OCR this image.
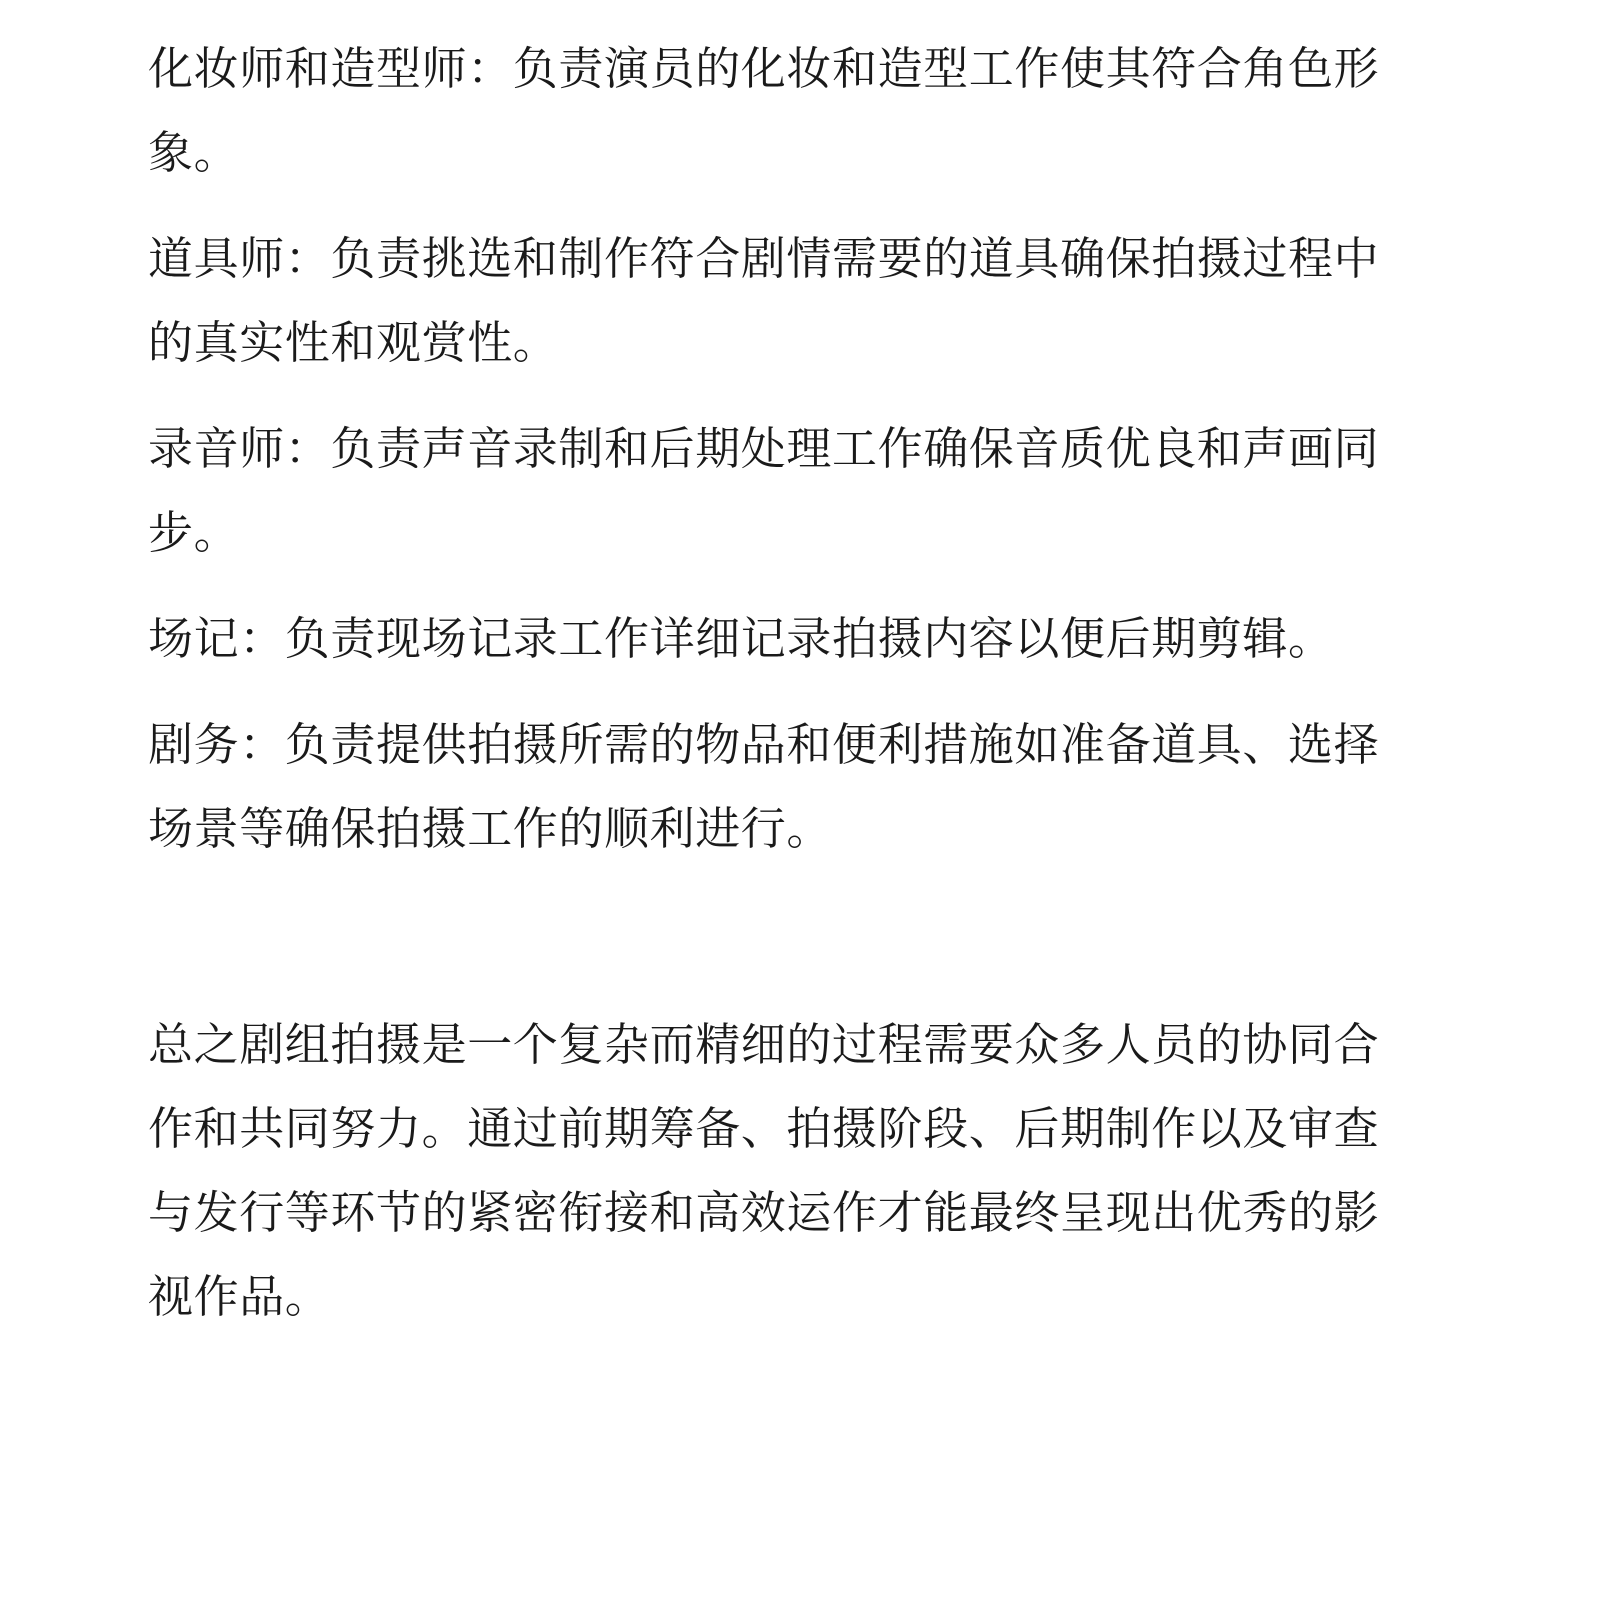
化妆师和造型师：负责演员的化妆和造型工作使其符合角色形象。

道具师：负责挑选和制作符合剧情需要的道具确保拍摄过程中的真实性和观赏性。

录音师：负责声音录制和后期处理工作确保音质优良和声画同步。

场记：负责现场记录工作详细记录拍摄内容以便后期剪辑。

剧务：负责提供拍摄所需的物品和便利措施如准备道具、选择场景等确保拍摄工作的顺利进行。

总之剧组拍摄是一个复杂而精细的过程需要众多人员的协同合作和共同努力。通过前期筹备、拍摄阶段、后期制作以及审查与发行等环节的紧密衔接和高效运作才能最终呈现出优秀的影视作品。
